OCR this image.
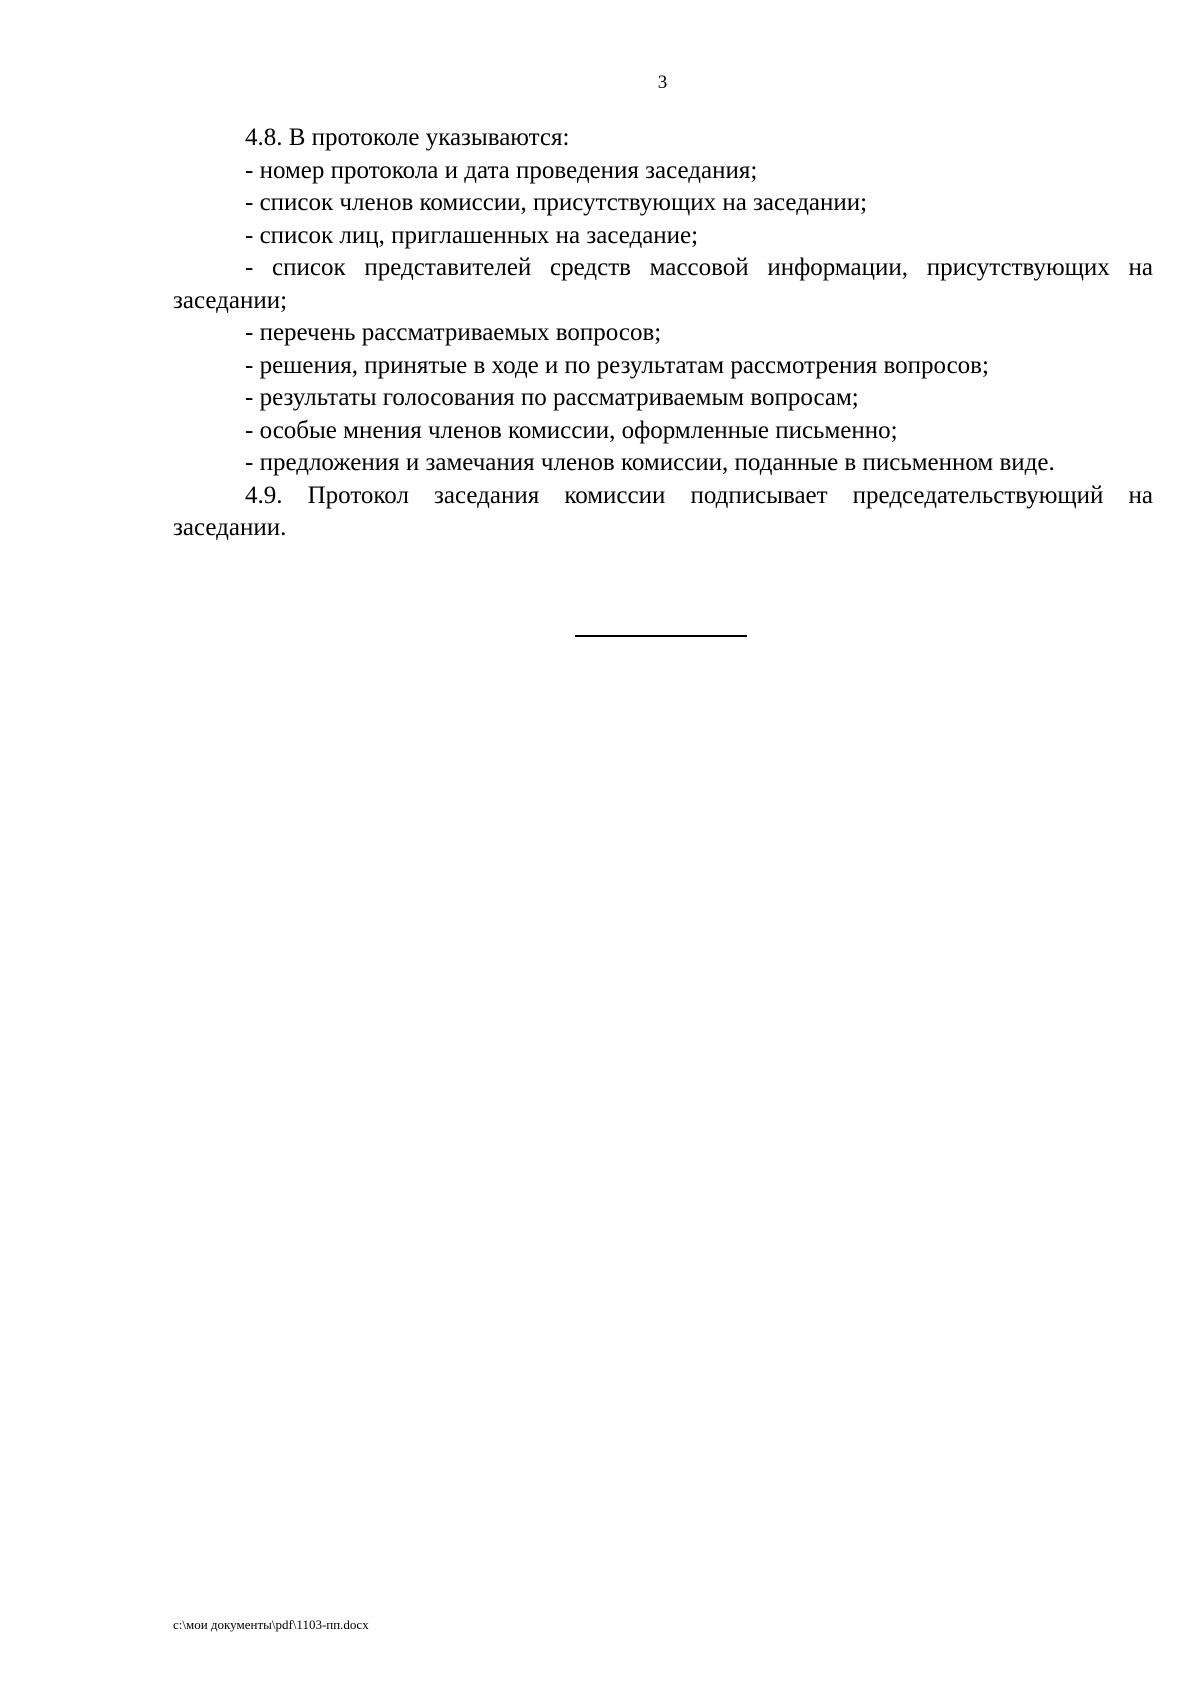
3

4.8. В протоколе указываются:

- номер протокола и дата проведения заседания;

- список членов комиссии, присутствующих на заседании;

- список лиц, приглашенных на заседание;

- список представителей средств массовой информации, присутствующих на заседании;

- перечень рассматриваемых вопросов;

- решения, принятые в ходе и по результатам рассмотрения вопросов;

- результаты голосования по рассматриваемым вопросам;

- особые мнения членов комиссии, оформленные письменно;

- предложения и замечания членов комиссии, поданные в письменном виде.

4.9. Протокол заседания комиссии подписывает председательствующий на заседании.

c:\мои документы\pdf\1103-пп.docx
